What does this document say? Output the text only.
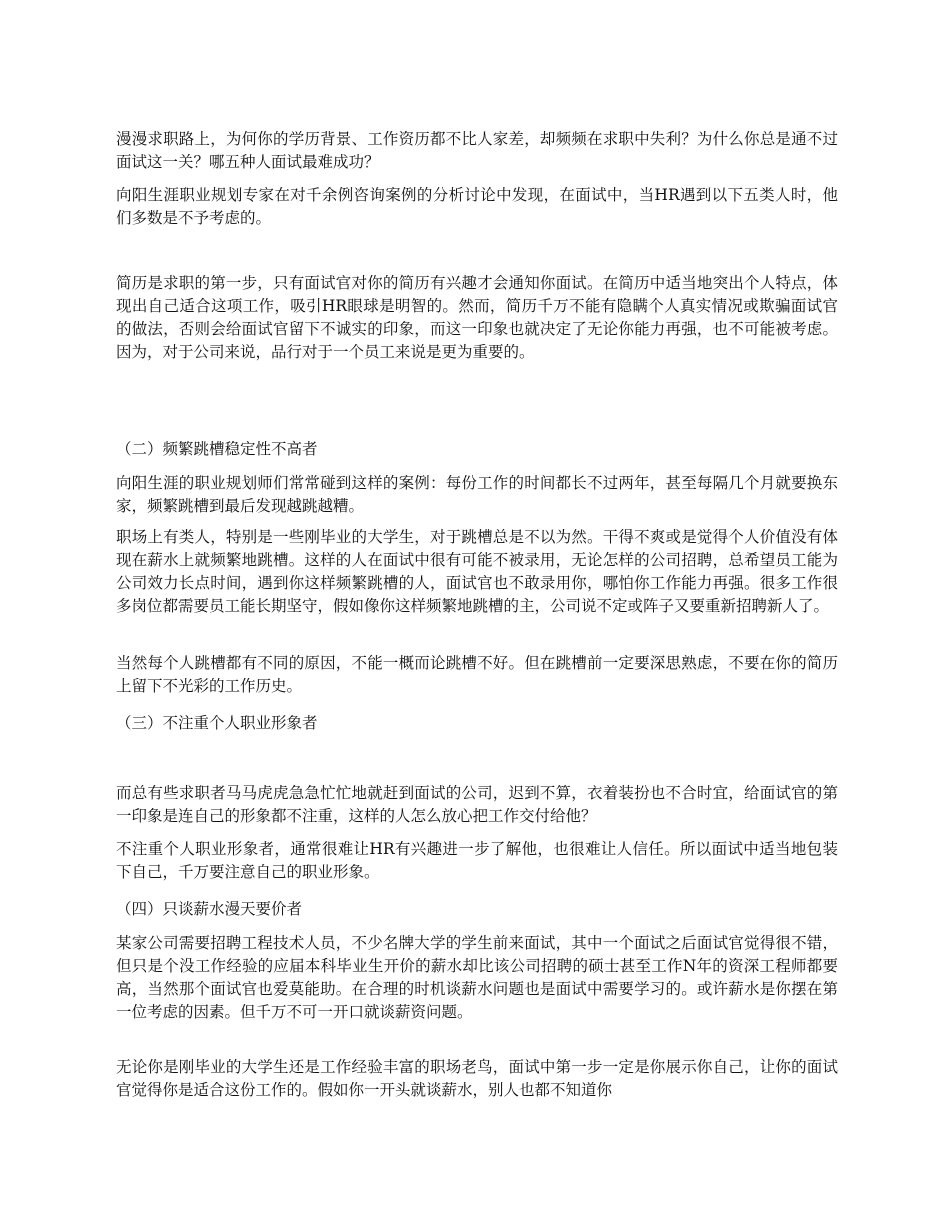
漫漫求职路上，为何你的学历背景、工作资历都不比人家差，却频频在求职中失利？为什么你总是通不过面试这一关？哪五种人面试最难成功？

向阳生涯职业规划专家在对千余例咨询案例的分析讨论中发现，在面试中，当HR遇到以下五类人时，他们多数是不予考虑的。

简历是求职的第一步，只有面试官对你的简历有兴趣才会通知你面试。在简历中适当地突出个人特点，体现出自己适合这项工作，吸引HR眼球是明智的。然而，简历千万不能有隐瞒个人真实情况或欺骗面试官的做法，否则会给面试官留下不诚实的印象，而这一印象也就决定了无论你能力再强，也不可能被考虑。因为，对于公司来说，品行对于一个员工来说是更为重要的。

（二）频繁跳槽稳定性不高者

向阳生涯的职业规划师们常常碰到这样的案例：每份工作的时间都长不过两年，甚至每隔几个月就要换东家，频繁跳槽到最后发现越跳越糟。

职场上有类人，特别是一些刚毕业的大学生，对于跳槽总是不以为然。干得不爽或是觉得个人价值没有体现在薪水上就频繁地跳槽。这样的人在面试中很有可能不被录用，无论怎样的公司招聘，总希望员工能为公司效力长点时间，遇到你这样频繁跳槽的人，面试官也不敢录用你，哪怕你工作能力再强。很多工作很多岗位都需要员工能长期坚守，假如像你这样频繁地跳槽的主，公司说不定或阵子又要重新招聘新人了。

当然每个人跳槽都有不同的原因，不能一概而论跳槽不好。但在跳槽前一定要深思熟虑，不要在你的简历上留下不光彩的工作历史。

（三）不注重个人职业形象者

而总有些求职者马马虎虎急急忙忙地就赶到面试的公司，迟到不算，衣着装扮也不合时宜，给面试官的第一印象是连自己的形象都不注重，这样的人怎么放心把工作交付给他？

不注重个人职业形象者，通常很难让HR有兴趣进一步了解他，也很难让人信任。所以面试中适当地包装下自己，千万要注意自己的职业形象。

（四）只谈薪水漫天要价者

某家公司需要招聘工程技术人员，不少名牌大学的学生前来面试，其中一个面试之后面试官觉得很不错，但只是个没工作经验的应届本科毕业生开价的薪水却比该公司招聘的硕士甚至工作N年的资深工程师都要高，当然那个面试官也爱莫能助。在合理的时机谈薪水问题也是面试中需要学习的。或许薪水是你摆在第一位考虑的因素。但千万不可一开口就谈薪资问题。

无论你是刚毕业的大学生还是工作经验丰富的职场老鸟，面试中第一步一定是你展示你自己，让你的面试官觉得你是适合这份工作的。假如你一开头就谈薪水，别人也都不知道你
